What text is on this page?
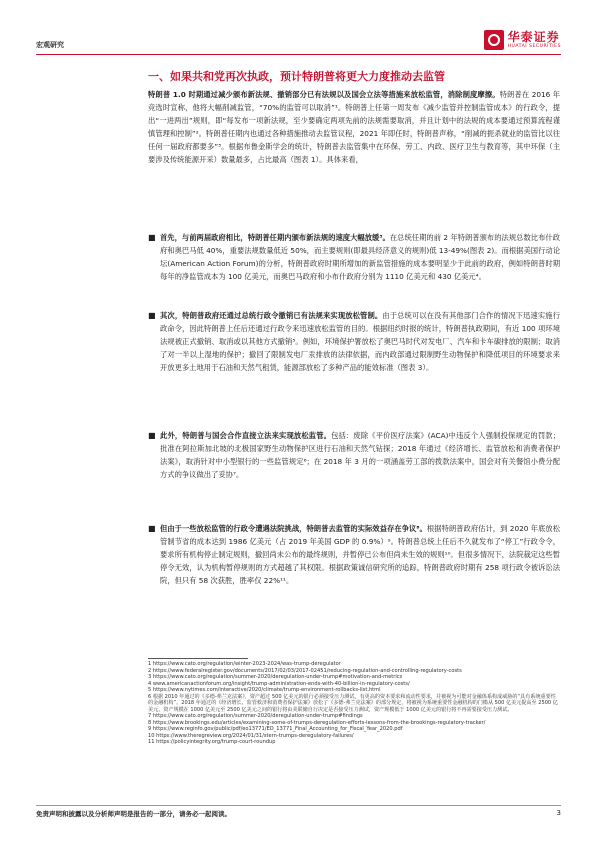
宏观研究
华泰证券
HUATAI SECURITIES
一、如果共和党再次执政，预计特朗普将更大力度推动去监管
特朗普 1.0 时期通过减少颁布新法规、撤销部分已有法规以及国会立法等措施来放松监管，消除制度摩擦。特朗普在 2016 年竞选时宣称，他将大幅削减监管，“70%的监管可以取消”¹。特朗普上任第一周发布《减少监管并控制监管成本》的行政令，提出“一进两出”规则，即“每发布一项新法规，至少要确定两项先前的法规需要取消，并且计划中的法规的成本要通过预算流程谨慎管理和控制”²。特朗普任期内也通过各种措施推动去监管议程，2021 年即任时，特朗普声称，“削减的扼杀就业的监管比以往任何一届政府都要多”³。根据布鲁金斯学会的统计，特朗普去监管集中在环保、劳工、内政、医疗卫生与教育等，其中环保（主要涉及传统能源开采）数量最多，占比最高（图表 1）。具体来看，
■ 首先，与前两届政府相比，特朗普任期内颁布新法规的速度大幅放缓³。在总统任期的前 2 年特朗普颁布的法规总数比布什政府和奥巴马低 40%，重要法规数量低近 50%，而主要规则(即最具经济意义的规则)低 13-49%(图表 2)。而根据美国行动论坛(American Action Forum)的分析，特朗普政府时期所增加的新监管措施的成本要明显少于此前的政府，例如特朗普时期每年的净监管成本为 100 亿美元，而奥巴马政府和小布什政府分别为 1110 亿美元和 430 亿美元⁴。
■ 其次，特朗普政府还通过总统行政令撤销已有法规来实现放松管制。由于总统可以在没有其他部门合作的情况下迅速实施行政命令，因此特朗普上任后还通过行政令来迅速放松监管的目的。根据纽约时报的统计，特朗普执政期间，有近 100 项环境法规被正式撤销、取消或以其他方式撤销⁵。例如，环境保护署放松了奥巴马时代对发电厂、汽车和卡车碳排放的限制；取消了对一半以上湿地的保护；撤回了限制发电厂汞排放的法律依据，而内政部通过限制野生动物保护和降低项目的环境要求来开放更多土地用于石油和天然气租赁，能源部放松了多种产品的能效标准（图表 3）。
■ 此外，特朗普与国会合作直接立法来实现放松监管。包括：废除《平价医疗法案》(ACA)中违反个人强制投保规定的罚款；批准在阿拉斯加北坡的北极国家野生动物保护区进行石油和天然气钻探；2018 年通过《经济增长、监管放松和消费者保护法案》，取消针对中小型银行的一些监管规定⁶；在 2018 年 3 月的一项涵盖劳工部的拨款法案中，国会对有关餐馆小费分配方式的争议做出了妥协⁷。
■ 但由于一些放松监管的行政令遭遇法院挑战，特朗普去监管的实际效益存在争议⁸。根据特朗普政府估计，到 2020 年底放松管制节省的成本达到 1986 亿美元（占 2019 年美国 GDP 的 0.9%）⁹。特朗普总统上任后不久就发布了“停工”行政令令，要求所有机构停止制定规则，撤回尚未公布的最终规则，并暂停已公布但尚未生效的规则¹⁰。但很多情况下，法院裁定这些暂停令无效，认为机构暂停规则的方式超越了其权限。根据政策诚信研究所的追踪，特朗普政府时期有 258 项行政令被诉讼法院，但只有 58 次获胜，胜率仅 22%¹¹。
1 https://www.cato.org/regulation/winter-2023-2024/was-trump-deregulator
2 https://www.federalregister.gov/documents/2017/02/03/2017-02451/reducing-regulation-and-controlling-regulatory-costs
3 https://www.cato.org/regulation/summer-2020/deregulation-under-trump#motivation-and-metrics
4 www.americanactionforum.org/insight/trump-administration-ends-with-40-billion-in-regulatory-costs/
5 https://www.nytimes.com/interactive/2020/climate/trump-environment-rollbacks-list.html
6 根据 2010 年通过的《多德-弗兰克法案》，资产超过 500 亿美元的银行必须接受压力测试，有更高的资本要求和流动性要求，并被视为可能对金融体系构成威胁的“具有系统重要性的金融机构”。2018 年通过的《经济增长、监管救济和消费者保护法案》放松了《多德-弗兰克法案》的部分规定，将被视为系统重要性金融机构的门槛从 500 亿美元提高至 2500 亿美元，资产规模在 1000 亿美元至 2500 亿美元之间的银行将由美联储自行决定是否接受压力测试，资产规模低于 1000 亿美元的银行将不再需要接受压力测试。
7 https://www.cato.org/regulation/summer-2020/deregulation-under-trump#findings
8 https://www.brookings.edu/articles/examining-some-of-trumps-deregulation-efforts-lessons-from-the-brookings-regulatory-tracker/
9 https://www.reginfo.gov/public/pdf/eo13771/EO_13771_Final_Accounting_for_Fiscal_Year_2020.pdf
10 https://www.theregreview.org/2024/01/31/stern-trumps-deregulatory-failures/
11 https://policyintegrity.org/trump-court-roundup
免责声明和披露以及分析师声明是报告的一部分，请务必一起阅读。	3
